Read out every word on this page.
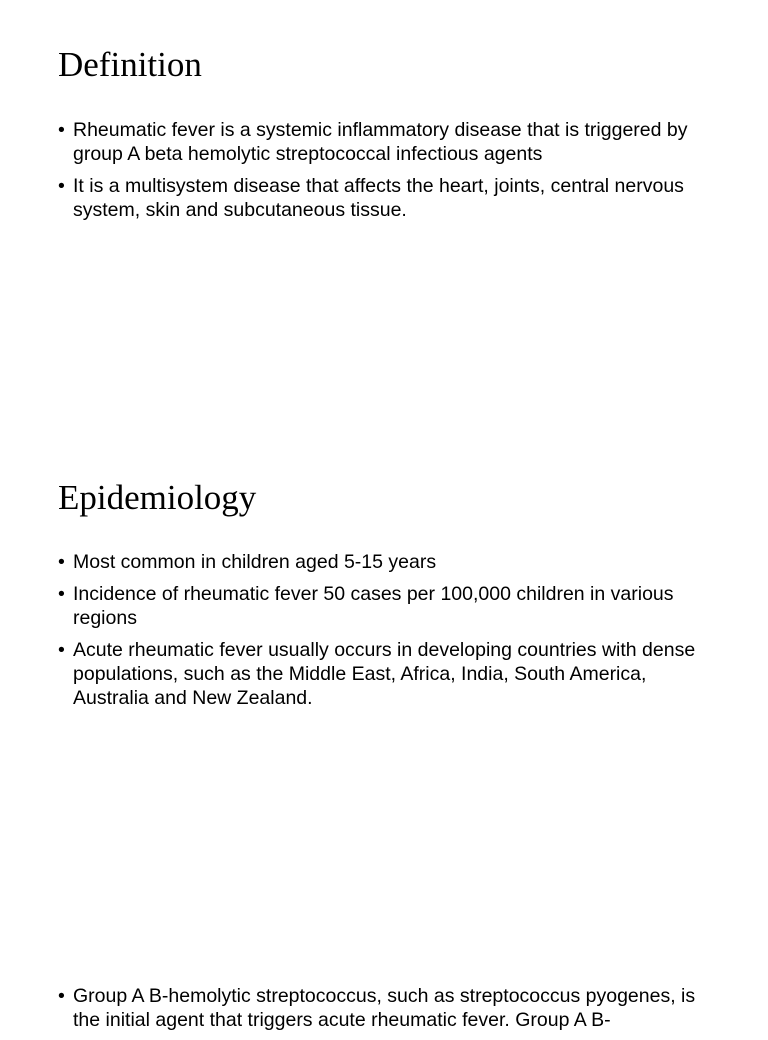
Definition
• Rheumatic fever is a systemic inflammatory disease that is triggered by group A beta hemolytic streptococcal infectious agents
• It is a multisystem disease that affects the heart, joints, central nervous system, skin and subcutaneous tissue.
Epidemiology
• Most common in children aged 5-15 years
• Incidence of rheumatic fever 50 cases per 100,000 children in various regions
• Acute rheumatic fever usually occurs in developing countries with dense populations, such as the Middle East, Africa, India, South America, Australia and New Zealand.
• Group A B-hemolytic streptococcus, such as streptococcus pyogenes, is the initial agent that triggers acute rheumatic fever. Group A B-
